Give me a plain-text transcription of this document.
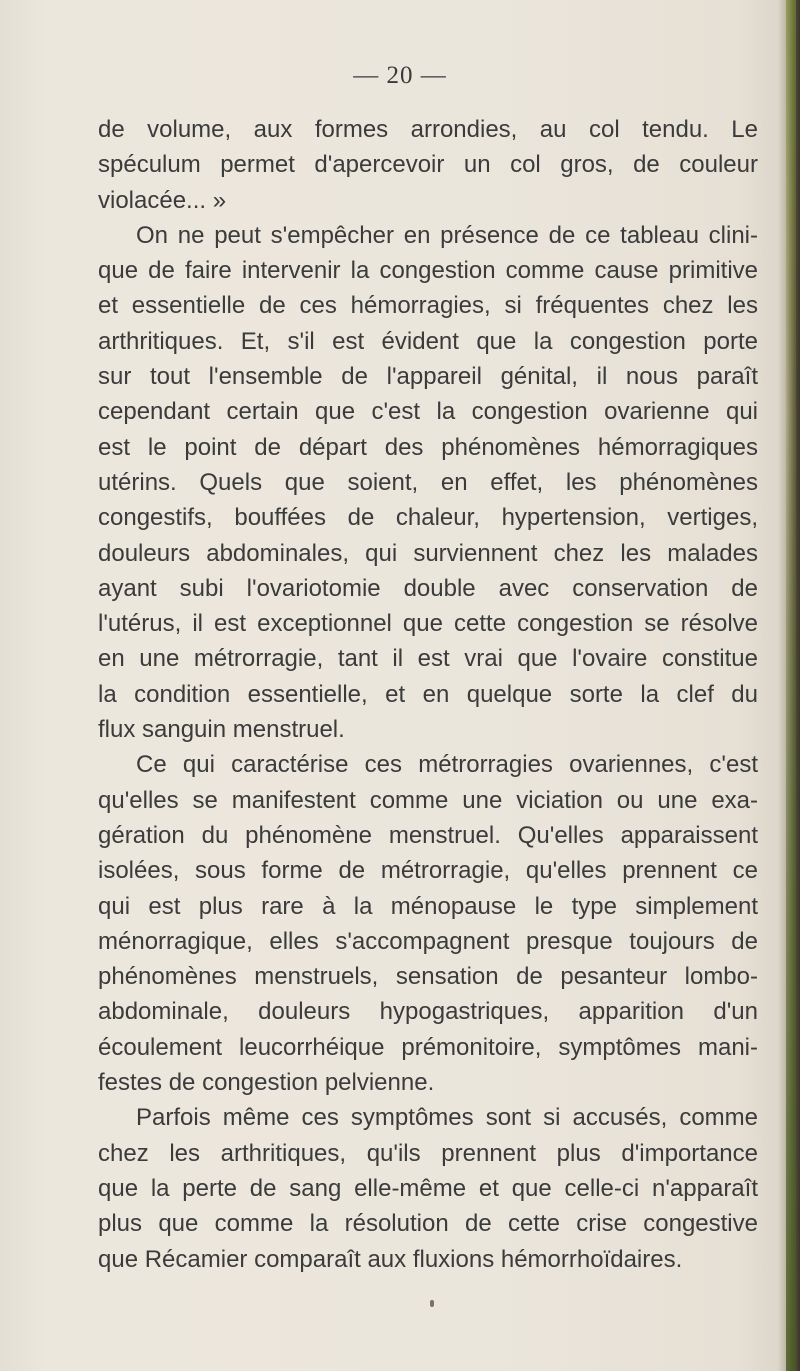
— 20 —
de volume, aux formes arrondies, au col tendu. Le
spéculum permet d'apercevoir un col gros, de couleur
violacée... »
On ne peut s'empêcher en présence de ce tableau clini-
que de faire intervenir la congestion comme cause primitive
et essentielle de ces hémorragies, si fréquentes chez les
arthritiques. Et, s'il est évident que la congestion porte
sur tout l'ensemble de l'appareil génital, il nous paraît
cependant certain que c'est la congestion ovarienne qui
est le point de départ des phénomènes hémorragiques
utérins. Quels que soient, en effet, les phénomènes
congestifs, bouffées de chaleur, hypertension, vertiges,
douleurs abdominales, qui surviennent chez les malades
ayant subi l'ovariotomie double avec conservation de
l'utérus, il est exceptionnel que cette congestion se résolve
en une métrorragie, tant il est vrai que l'ovaire constitue
la condition essentielle, et en quelque sorte la clef du
flux sanguin menstruel.
Ce qui caractérise ces métrorragies ovariennes, c'est
qu'elles se manifestent comme une viciation ou une exa-
gération du phénomène menstruel. Qu'elles apparaissent
isolées, sous forme de métrorragie, qu'elles prennent ce
qui est plus rare à la ménopause le type simplement
ménorragique, elles s'accompagnent presque toujours de
phénomènes menstruels, sensation de pesanteur lombo-
abdominale, douleurs hypogastriques, apparition d'un
écoulement leucorrhéique prémonitoire, symptômes mani-
festes de congestion pelvienne.
Parfois même ces symptômes sont si accusés, comme
chez les arthritiques, qu'ils prennent plus d'importance
que la perte de sang elle-même et que celle-ci n'apparaît
plus que comme la résolution de cette crise congestive
que Récamier comparaît aux fluxions hémorrhoïdaires.
